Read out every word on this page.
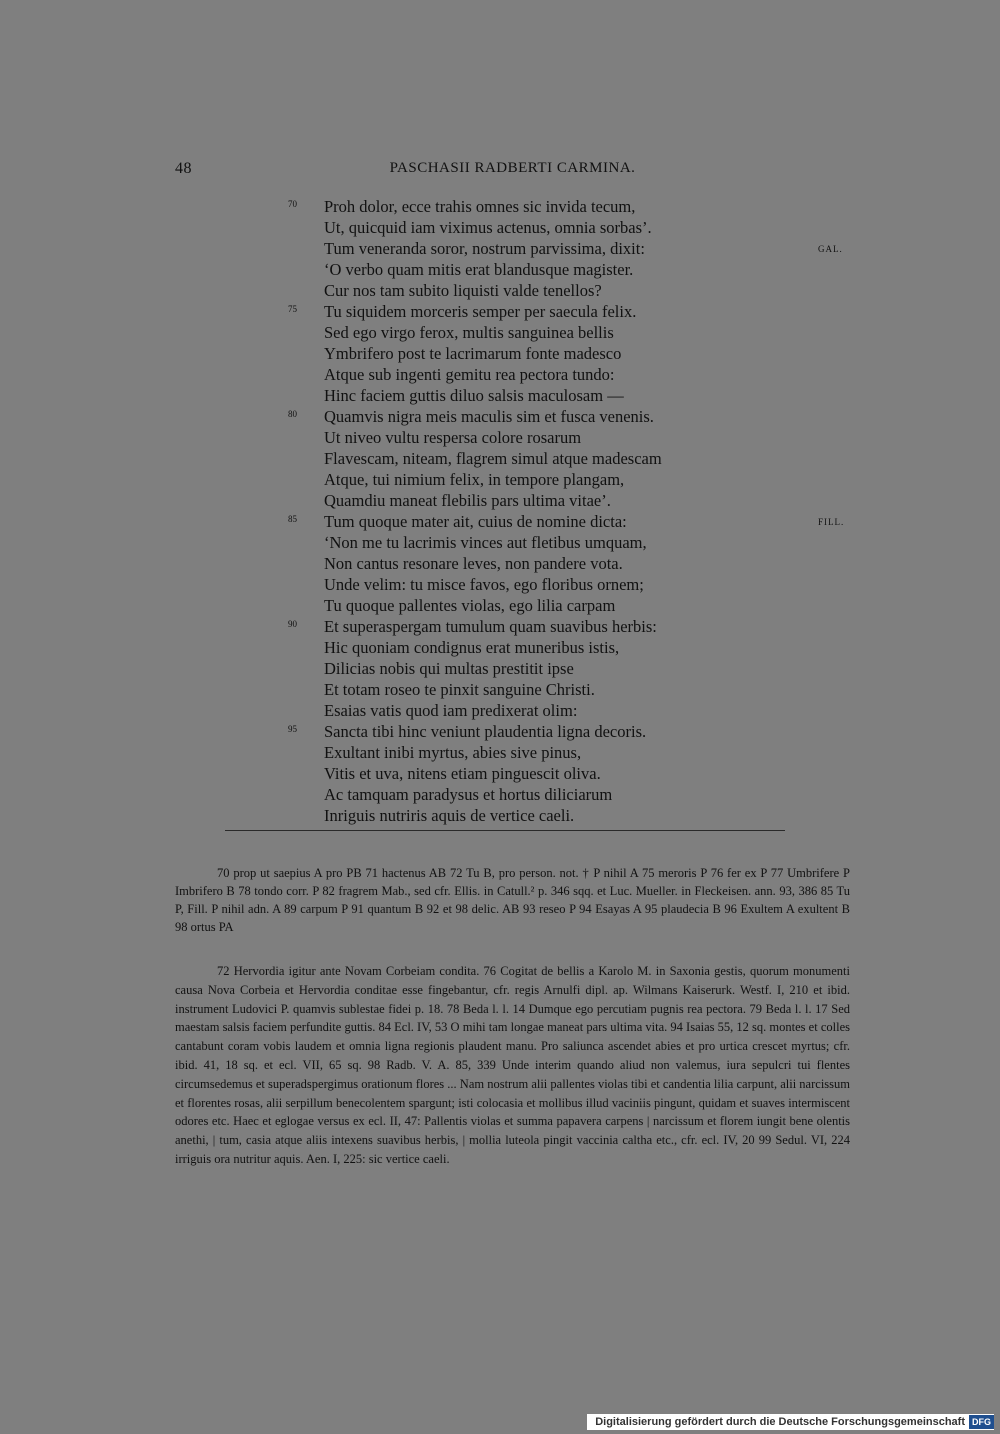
48	PASCHASII RADBERTI CARMINA.
70	Proh dolor, ecce trahis omnes sic invida tecum,
Ut, quicquid iam viximus actenus, omnia sorbas’.
Tum veneranda soror, nostrum parvissima, dixit:	GAL.
‘O verbo quam mitis erat blandusque magister.
Cur nos tam subito liquisti valde tenellos?
75	Tu siquidem morceris semper per saecula felix.
Sed ego virgo ferox, multis sanguinea bellis
Ymbrifero post te lacrimarum fonte madesco
Atque sub ingenti gemitu rea pectora tundo:
Hinc faciem guttis diluo salsis maculosam —
80	Quamvis nigra meis maculis sim et fusca venenis.
Ut niveo vultu respersa colore rosarum
Flavescam, niteam, flagrem simul atque madescam
Atque, tui nimium felix, in tempore plangam,
Quamdiu maneat flebilis pars ultima vitae’.
85	Tum quoque mater ait, cuius de nomine dicta:	FILL.
‘Non me tu lacrimis vinces aut fletibus umquam,
Non cantus resonare leves, non pandere vota.
Unde velim: tu misce favos, ego floribus ornem;
Tu quoque pallentes violas, ego lilia carpam
90	Et superaspergam tumulum quam suavibus herbis:
Hic quoniam condignus erat muneribus istis,
Dilicias nobis qui multas prestitit ipse
Et totam roseo te pinxit sanguine Christi.
Esaias vatis quod iam predixerat olim:
95	Sancta tibi hinc veniunt plaudentia ligna decoris.
Exultant inibi myrtus, abies sive pinus,
Vitis et uva, nitens etiam pinguescit oliva.
Ac tamquam paradysus et hortus diliciarum
Inriguis nutriris aquis de vertice caeli.

70 prop ut saepius A pro PB 71 hactenus AB 72 Tu B, pro person. not. † P nihil A 75 meroris P 76 fer ex P 77 Umbrifere P Imbrifero B 78 tondo corr. P 82 fragrem Mab., sed cfr. Ellis. in Catull.² p. 346 sqq. et Luc. Mueller. in Fleckeisen. ann. 93, 386 85 Tu P, Fill. P nihil adn. A 89 carpum P 91 quantum B 92 et 98 delic. AB 93 reseo P 94 Esayas A 95 plaudecia B 96 Exultem A exultent B 98 ortus PA

72 Hervordia igitur ante Novam Corbeiam condita. 76 Cogitat de bellis a Karolo M. in Saxonia gestis, quorum monumenti causa Nova Corbeia et Hervordia conditae esse fingebantur, cfr. regis Arnulfi dipl. ap. Wilmans Kaiserurk. Westf. I, 210 et ibid. instrument Ludovici P. quamvis sublestae fidei p. 18. 78 Beda l. l. 14 Dumque ego percutiam pugnis rea pectora. 79 Beda l. l. 17 Sed maestam salsis faciem perfundite guttis. 84 Ecl. IV, 53 O mihi tam longae maneat pars ultima vita. 94 Isaias 55, 12 sq. montes et colles cantabunt coram vobis laudem et omnia ligna regionis plaudent manu. Pro saliunca ascendet abies et pro urtica crescet myrtus; cfr. ibid. 41, 18 sq. et ecl. VII, 65 sq. 98 Radb. V. A. 85, 339 Unde interim quando aliud non valemus, iura sepulcri tui flentes circumsedemus et superadspergimus orationum flores ... Nam nostrum alii pallentes violas tibi et candentia lilia carpunt, alii narcissum et florentes rosas, alii serpillum benecolentem spargunt; isti colocasia et mollibus illud vaciniis pingunt, quidam et suaves intermiscent odores etc. Haec et eglogae versus ex ecl. II, 47: Pallentis violas et summa papavera carpens | narcissum et florem iungit bene olentis anethi, | tum, casia atque aliis intexens suavibus herbis, | mollia luteola pingit vaccinia caltha etc., cfr. ecl. IV, 20 99 Sedul. VI, 224 irriguis ora nutritur aquis. Aen. I, 225: sic vertice caeli.

Digitalisierung gefördert durch die Deutsche Forschungsgemeinschaft DFG
